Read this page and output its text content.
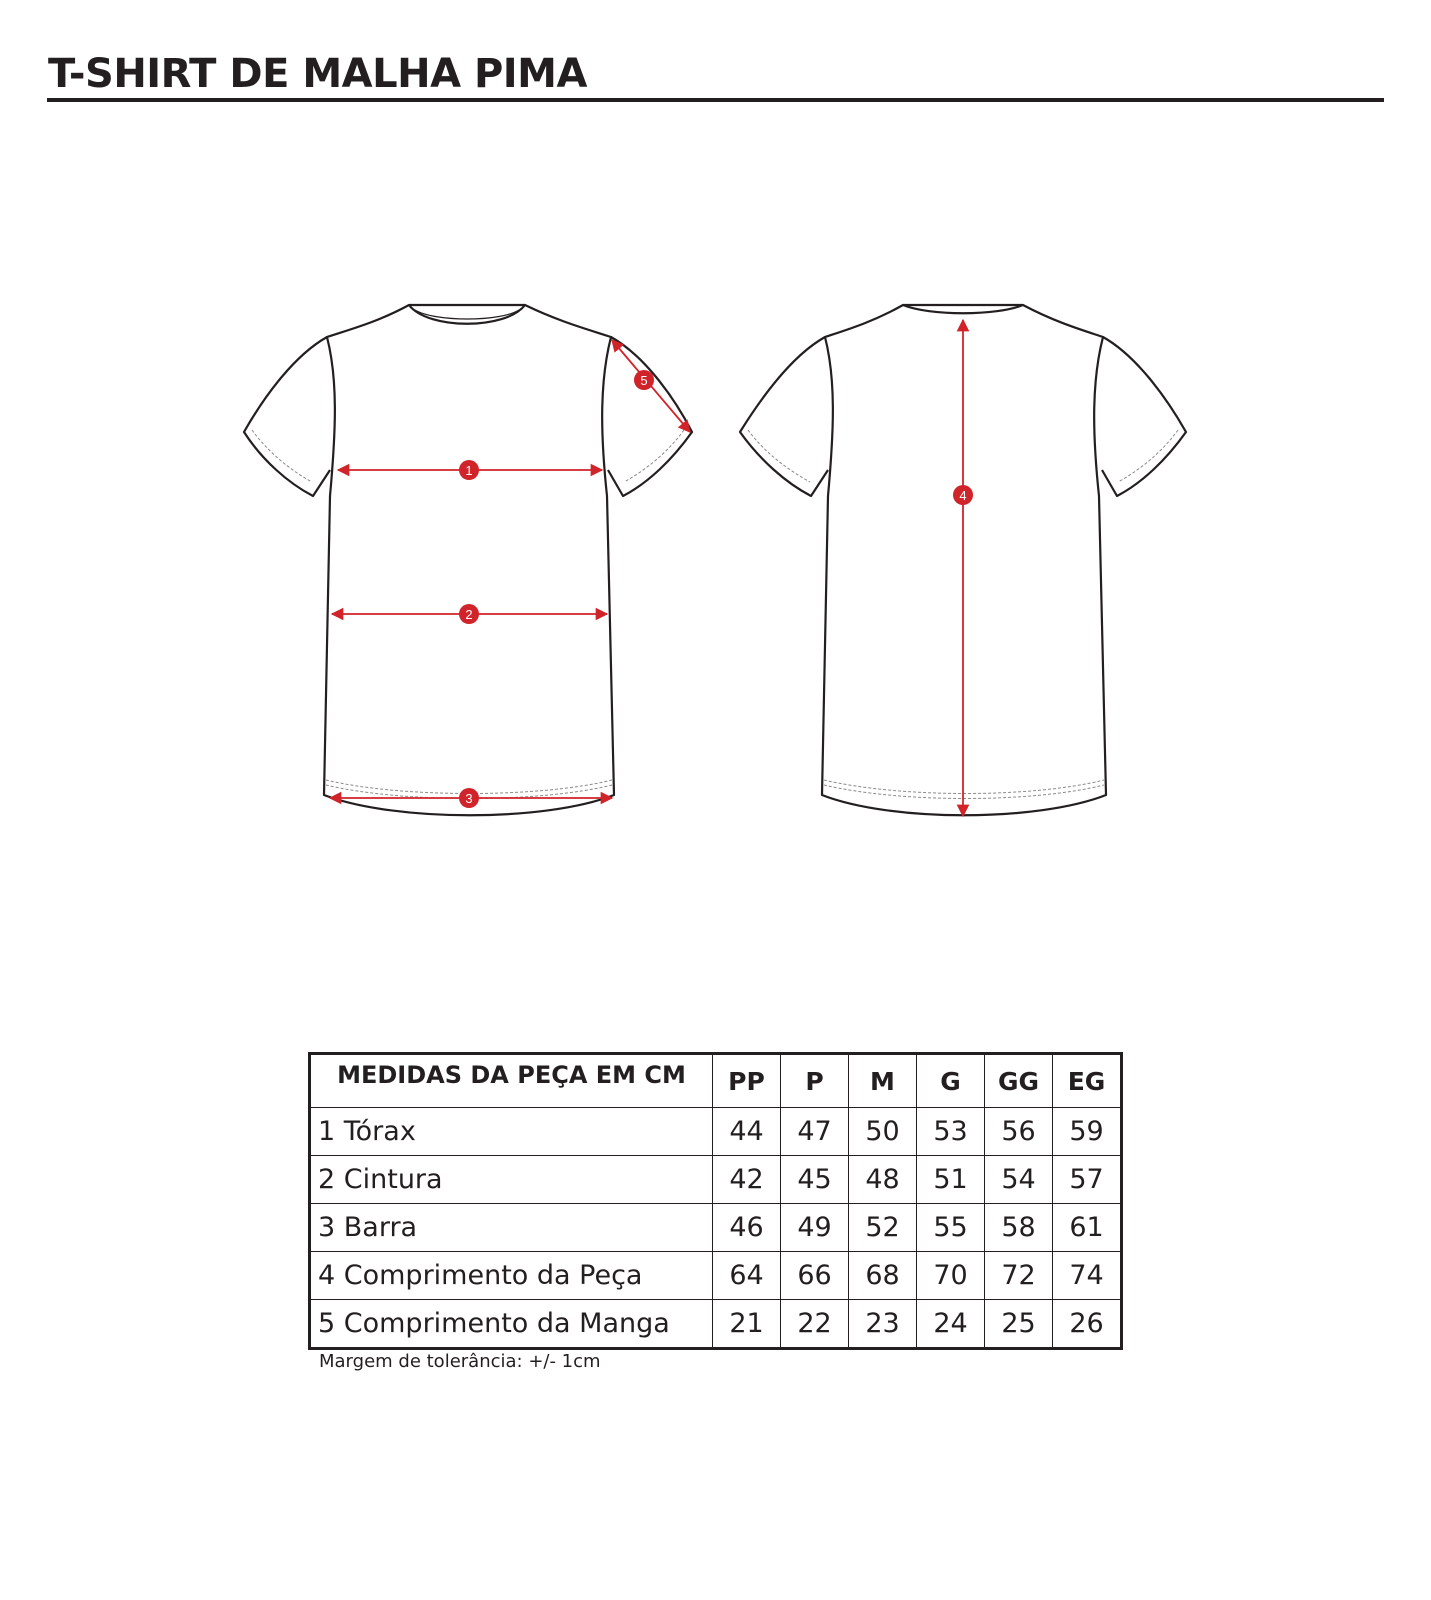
T-SHIRT DE MALHA PIMA
1
2
3
4
5
MEDIDAS DA PEÇA EM CM	PP	P	M	G	GG	EG
1 Tórax	44	47	50	53	56	59
2 Cintura	42	45	48	51	54	57
3 Barra	46	49	52	55	58	61
4 Comprimento da Peça	64	66	68	70	72	74
5 Comprimento da Manga	21	22	23	24	25	26
Margem de tolerância: +/- 1cm
